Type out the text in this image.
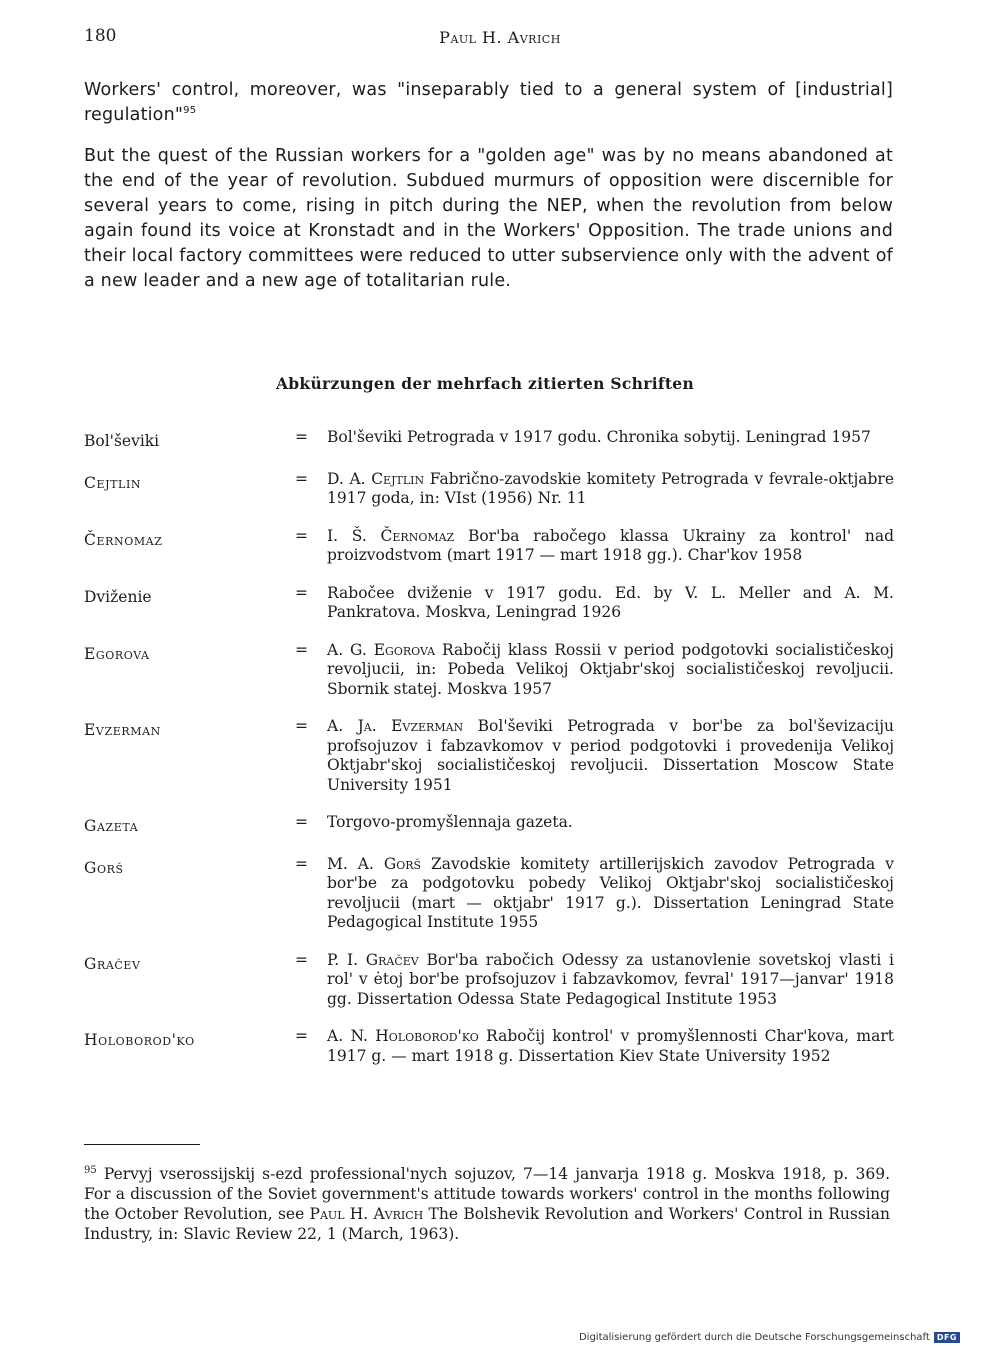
180	Paul H. Avrich

Workers' control, moreover, was "inseparably tied to a general system of [industrial] regulation"$^{95}$

But the quest of the Russian workers for a "golden age" was by no means abandoned at the end of the year of revolution. Subdued murmurs of opposition were discernible for several years to come, rising in pitch during the NEP, when the revolution from below again found its voice at Kronstadt and in the Workers' Opposition. The trade unions and their local factory committees were reduced to utter subservience only with the advent of a new leader and a new age of totalitarian rule.

Abkürzungen der mehrfach zitierten Schriften
Bol'ševiki	=	Bol'ševiki Petrograda v 1917 godu. Chronika sobytij. Leningrad 1957
Cejtlin	=	D. A. Cejtlin Fabrično-zavodskie komitety Petrograda v fevrale-oktjabre 1917 goda, in: VIst (1956) Nr. 11
Černomaz	=	I. Š. Černomaz Bor'ba rabočego klassa Ukrainy za kontrol' nad proizvodstvom (mart 1917 — mart 1918 gg.). Char'kov 1958
Dviženie	=	Rabočee dviženie v 1917 godu. Ed. by V. L. Meller and A. M. Pankratova. Moskva, Leningrad 1926
Egorova	=	A. G. Egorova Rabočij klass Rossii v period podgotovki socialističeskoj revoljucii, in: Pobeda Velikoj Oktjabr'skoj socialističeskoj revoljucii. Sbornik statej. Moskva 1957
Evzerman	=	A. Ja. Evzerman Bol'ševiki Petrograda v bor'be za bol'ševizaciju profsojuzov i fabzavkomov v period podgotovki i provedenija Velikoj Oktjabr'skoj socialističeskoj revoljucii. Dissertation Moscow State University 1951
Gazeta	=	Torgovo-promyšlennaja gazeta.
Gorš	=	M. A. Gorš Zavodskie komitety artillerijskich zavodov Petrograda v bor'be za podgotovku pobedy Velikoj Oktjabr'skoj socialističeskoj revoljucii (mart — oktjabr' 1917 g.). Dissertation Leningrad State Pedagogical Institute 1955
Gračev	=	P. I. Gračev Bor'ba rabočich Odessy za ustanovlenie sovetskoj vlasti i rol' v ėtoj bor'be profsojuzov i fabzavkomov, fevral' 1917—janvar' 1918 gg. Dissertation Odessa State Pedagogical Institute 1953
Holoborod'ko	=	A. N. Holoborod'ko Rabočij kontrol' v promyšlennosti Char'kova, mart 1917 g. — mart 1918 g. Dissertation Kiev State University 1952

$^{95}$ Pervyj vserossijskij s-ezd professional'nych sojuzov, 7—14 janvarja 1918 g. Moskva 1918, p. 369. For a discussion of the Soviet government's attitude towards workers' control in the months following the October Revolution, see Paul H. Avrich The Bolshevik Revolution and Workers' Control in Russian Industry, in: Slavic Review 22, 1 (March, 1963).

Digitalisierung gefördert durch die Deutsche Forschungsgemeinschaft DFG
